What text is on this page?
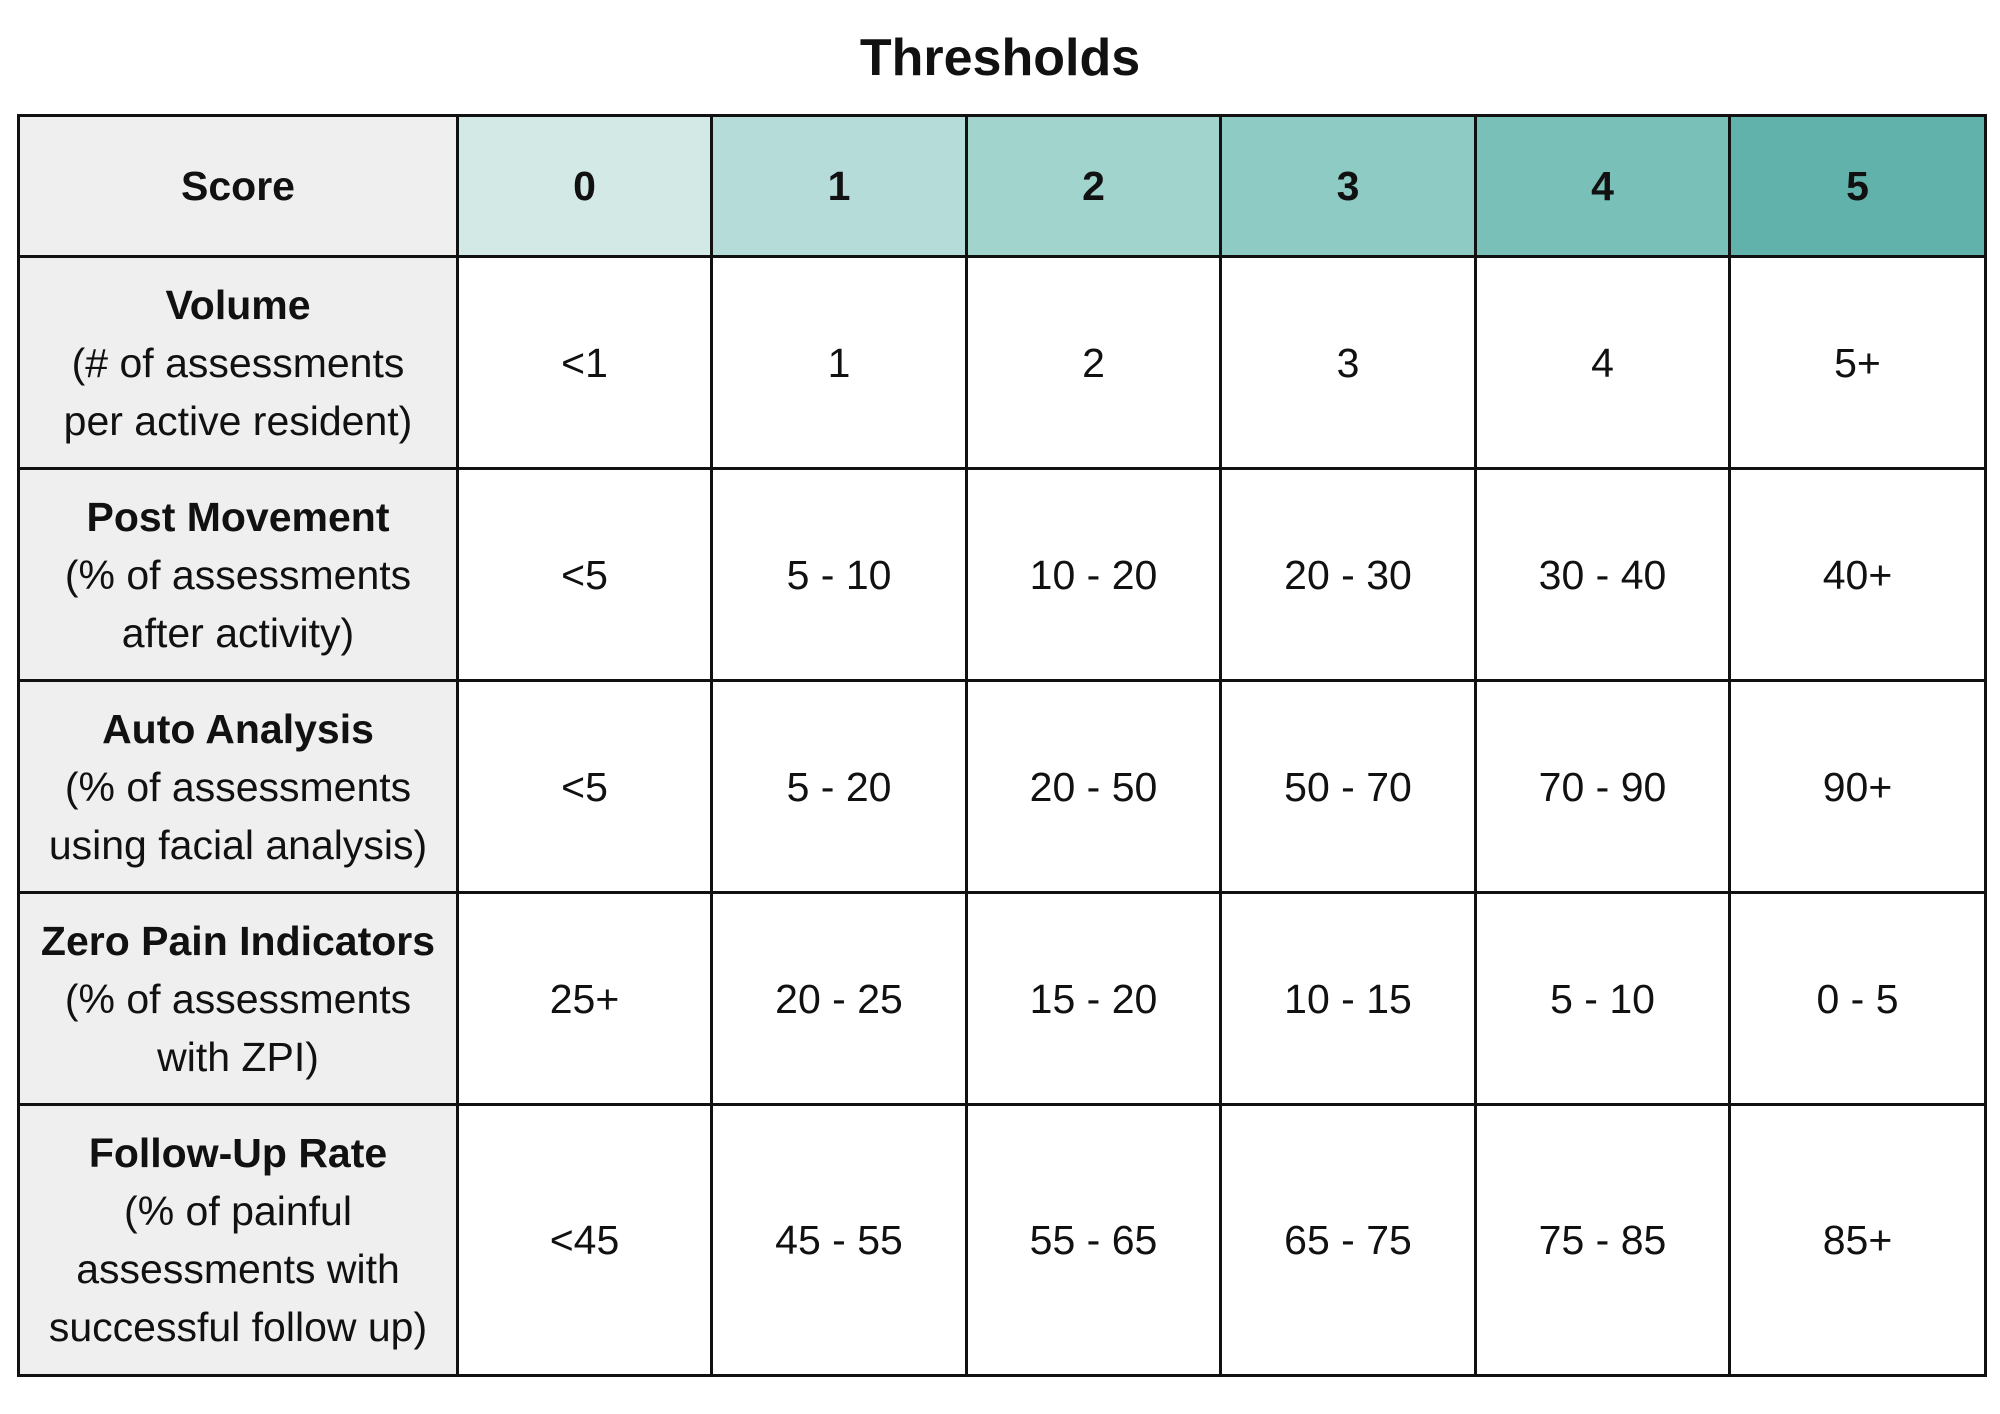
Thresholds
Score	0	1	2	3	4	5

Volume
(# of assessments
per active resident)	<1	1	2	3	4	5+

Post Movement
(% of assessments
after activity)	<5	5 - 10	10 - 20	20 - 30	30 - 40	40+

Auto Analysis
(% of assessments
using facial analysis)	<5	5 - 20	20 - 50	50 - 70	70 - 90	90+

Zero Pain Indicators
(% of assessments
with ZPI)	25+	20 - 25	15 - 20	10 - 15	5 - 10	0 - 5

Follow-Up Rate
(% of painful
assessments with
successful follow up)	<45	45 - 55	55 - 65	65 - 75	75 - 85	85+
